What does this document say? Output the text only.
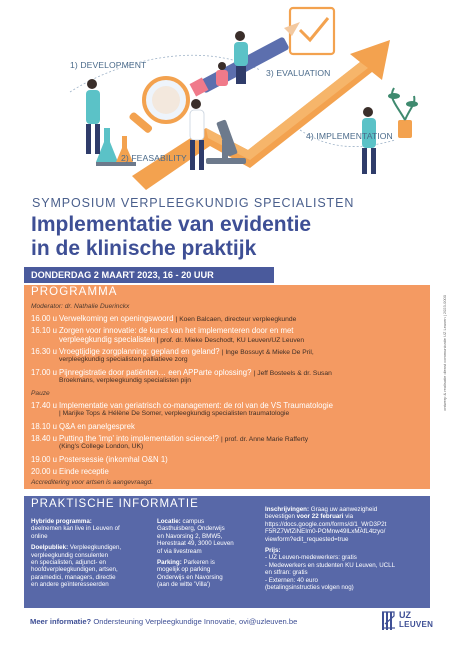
1) DEVELOPMENT
2) FEASABILITY
3) EVALUATION
4) IMPLEMENTATION
SYMPOSIUM VERPLEEGKUNDIG SPECIALISTEN
Implementatie van evidentie
in de klinische praktijk
DONDERDAG 2 MAART 2023, 16 - 20 UUR
PROGRAMMA
Moderator: dr. Nathalie Duerinckx
16.00 u Verwelkoming en openingswoord | Koen Balcaen, directeur verpleegkunde
16.10 u Zorgen voor innovatie: de kunst van het implementeren door en met
verpleegkundig specialisten | prof. dr. Mieke Deschodt, KU Leuven/UZ Leuven
16.30 u Vroegtijdige zorgplanning: gepland en geland? | Inge Bossuyt & Mieke De Pril,
verpleegkundig specialisten palliatieve zorg
17.00 u Pijnregistratie door patiënten… een APParte oplossing? | Jeff Bosteels & dr. Susan
Broekmans, verpleegkundig specialisten pijn
Pauze
17.40 u Implementatie van geriatrisch co-management: de rol van de VS Traumatologie
| Marijke Tops & Hélène De Somer, verpleegkundig specialisten traumatologie
18.10 u Q&A en panelgesprek
18.40 u Putting the 'imp' into implementation science!? | prof. dr. Anne Marie Rafferty
(King's College London, UK)
19.00 u Postersessie (inkomhal O&N 1)
20.00 u Einde receptie
Accreditering voor artsen is aangevraagd.
ontwerp & realisatie dienst communicatie UZ Leuven | 2023-0000
PRAKTISCHE INFORMATIE
Hybride programma:
deelnemen kan live in Leuven of
online
Doelpubliek: Verpleegkundigen,
verpleegkundig consulenten
en specialisten, adjunct- en
hoofdverpleegkundigen, artsen,
paramedici, managers, directie
en andere geïnteresseerden
Locatie: campus
Gasthuisberg, Onderwijs
en Navorsing 2, BMW5,
Herestraat 49, 3000 Leuven
of via livestream
Parking: Parkeren is
mogelijk op parking
Onderwijs en Navorsing
(aan de witte 'Villa')
Inschrijvingen: Graag uw aanwezigheid
bevestigen voor 22 februari via
https://docs.google.com/forms/d/1_WrD3P2t
F5RZ7WfZiNEIm0-POMnw49lLxMAfL4tzyo/
viewform?edit_requested=true
Prijs:
- UZ Leuven-medewerkers: gratis
- Medewerkers en studenten KU Leuven, UCLL
en stfran: gratis
- Externen: 40 euro
(betalingsinstructies volgen nog)
Meer informatie? Ondersteuning Verpleegkundige Innovatie, ovi@uzleuven.be
UZ
LEUVEN
